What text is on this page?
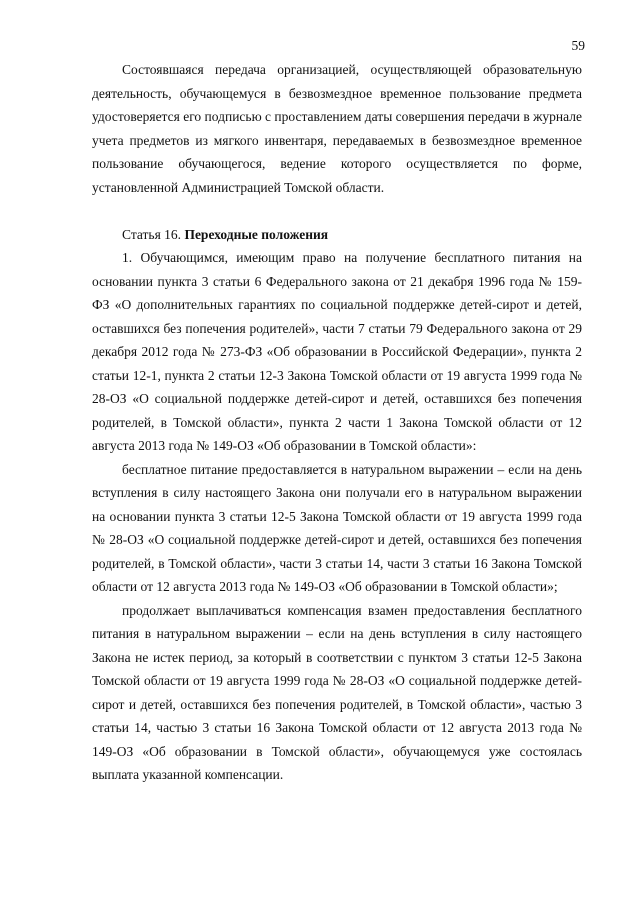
59

Состоявшаяся передача организацией, осуществляющей образовательную деятельность, обучающемуся в безвозмездное временное пользование предмета удостоверяется его подписью с проставлением даты совершения передачи в журнале учета предметов из мягкого инвентаря, передаваемых в безвозмездное временное пользование обучающегося, ведение которого осуществляется по форме, установленной Администрацией Томской области.

Статья 16. Переходные положения

1. Обучающимся, имеющим право на получение бесплатного питания на основании пункта 3 статьи 6 Федерального закона от 21 декабря 1996 года № 159-ФЗ «О дополнительных гарантиях по социальной поддержке детей-сирот и детей, оставшихся без попечения родителей», части 7 статьи 79 Федерального закона от 29 декабря 2012 года № 273-ФЗ «Об образовании в Российской Федерации», пункта 2 статьи 12-1, пункта 2 статьи 12-3 Закона Томской области от 19 августа 1999 года № 28-ОЗ «О социальной поддержке детей-сирот и детей, оставшихся без попечения родителей, в Томской области», пункта 2 части 1 Закона Томской области от 12 августа 2013 года № 149-ОЗ «Об образовании в Томской области»:

бесплатное питание предоставляется в натуральном выражении – если на день вступления в силу настоящего Закона они получали его в натуральном выражении на основании пункта 3 статьи 12-5 Закона Томской области от 19 августа 1999 года № 28-ОЗ «О социальной поддержке детей-сирот и детей, оставшихся без попечения родителей, в Томской области», части 3 статьи 14, части 3 статьи 16 Закона Томской области от 12 августа 2013 года № 149-ОЗ «Об образовании в Томской области»;

продолжает выплачиваться компенсация взамен предоставления бесплатного питания в натуральном выражении – если на день вступления в силу настоящего Закона не истек период, за который в соответствии с пунктом 3 статьи 12-5 Закона Томской области от 19 августа 1999 года № 28-ОЗ «О социальной поддержке детей-сирот и детей, оставшихся без попечения родителей, в Томской области», частью 3 статьи 14, частью 3 статьи 16 Закона Томской области от 12 августа 2013 года № 149-ОЗ «Об образовании в Томской области», обучающемуся уже состоялась выплата указанной компенсации.
